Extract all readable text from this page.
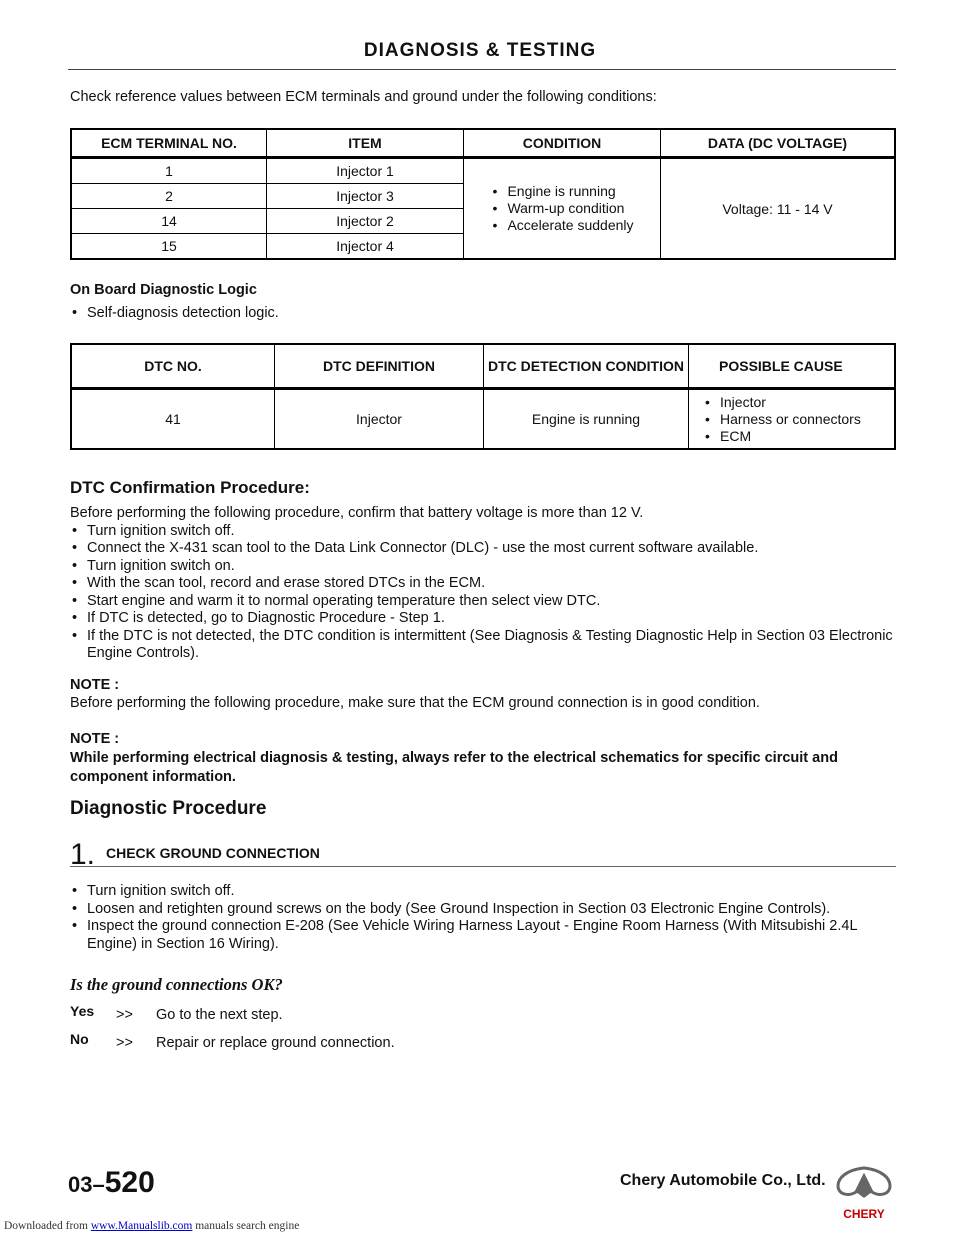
DIAGNOSIS & TESTING
Check reference values between ECM terminals and ground under the following conditions:
ECM TERMINAL NO.	ITEM	CONDITION	DATA (DC VOLTAGE)
1	Injector 1	• Engine is running
• Warm-up condition
• Accelerate suddenly	Voltage: 11 - 14 V
2	Injector 3		
14	Injector 2		
15	Injector 4		
On Board Diagnostic Logic
• Self-diagnosis detection logic.
DTC NO.	DTC DEFINITION	DTC DETECTION CONDITION	POSSIBLE CAUSE
41	Injector	Engine is running	• Injector
• Harness or connectors
• ECM
DTC Confirmation Procedure:
Before performing the following procedure, confirm that battery voltage is more than 12 V.
• Turn ignition switch off.
• Connect the X-431 scan tool to the Data Link Connector (DLC) - use the most current software available.
• Turn ignition switch on.
• With the scan tool, record and erase stored DTCs in the ECM.
• Start engine and warm it to normal operating temperature then select view DTC.
• If DTC is detected, go to Diagnostic Procedure - Step 1.
• If the DTC is not detected, the DTC condition is intermittent (See Diagnosis & Testing Diagnostic Help in Section 03 Electronic Engine Controls).
NOTE :
Before performing the following procedure, make sure that the ECM ground connection is in good condition.
NOTE :
While performing electrical diagnosis & testing, always refer to the electrical schematics for specific circuit and component information.
Diagnostic Procedure
1. CHECK GROUND CONNECTION
• Turn ignition switch off.
• Loosen and retighten ground screws on the body (See Ground Inspection in Section 03 Electronic Engine Controls).
• Inspect the ground connection E-208 (See Vehicle Wiring Harness Layout - Engine Room Harness (With Mitsubishi 2.4L Engine) in Section 16 Wiring).
Is the ground connections OK?
Yes >> Go to the next step.
No >> Repair or replace ground connection.
03–520	Chery Automobile Co., Ltd.
CHERY
Downloaded from www.Manualslib.com manuals search engine
